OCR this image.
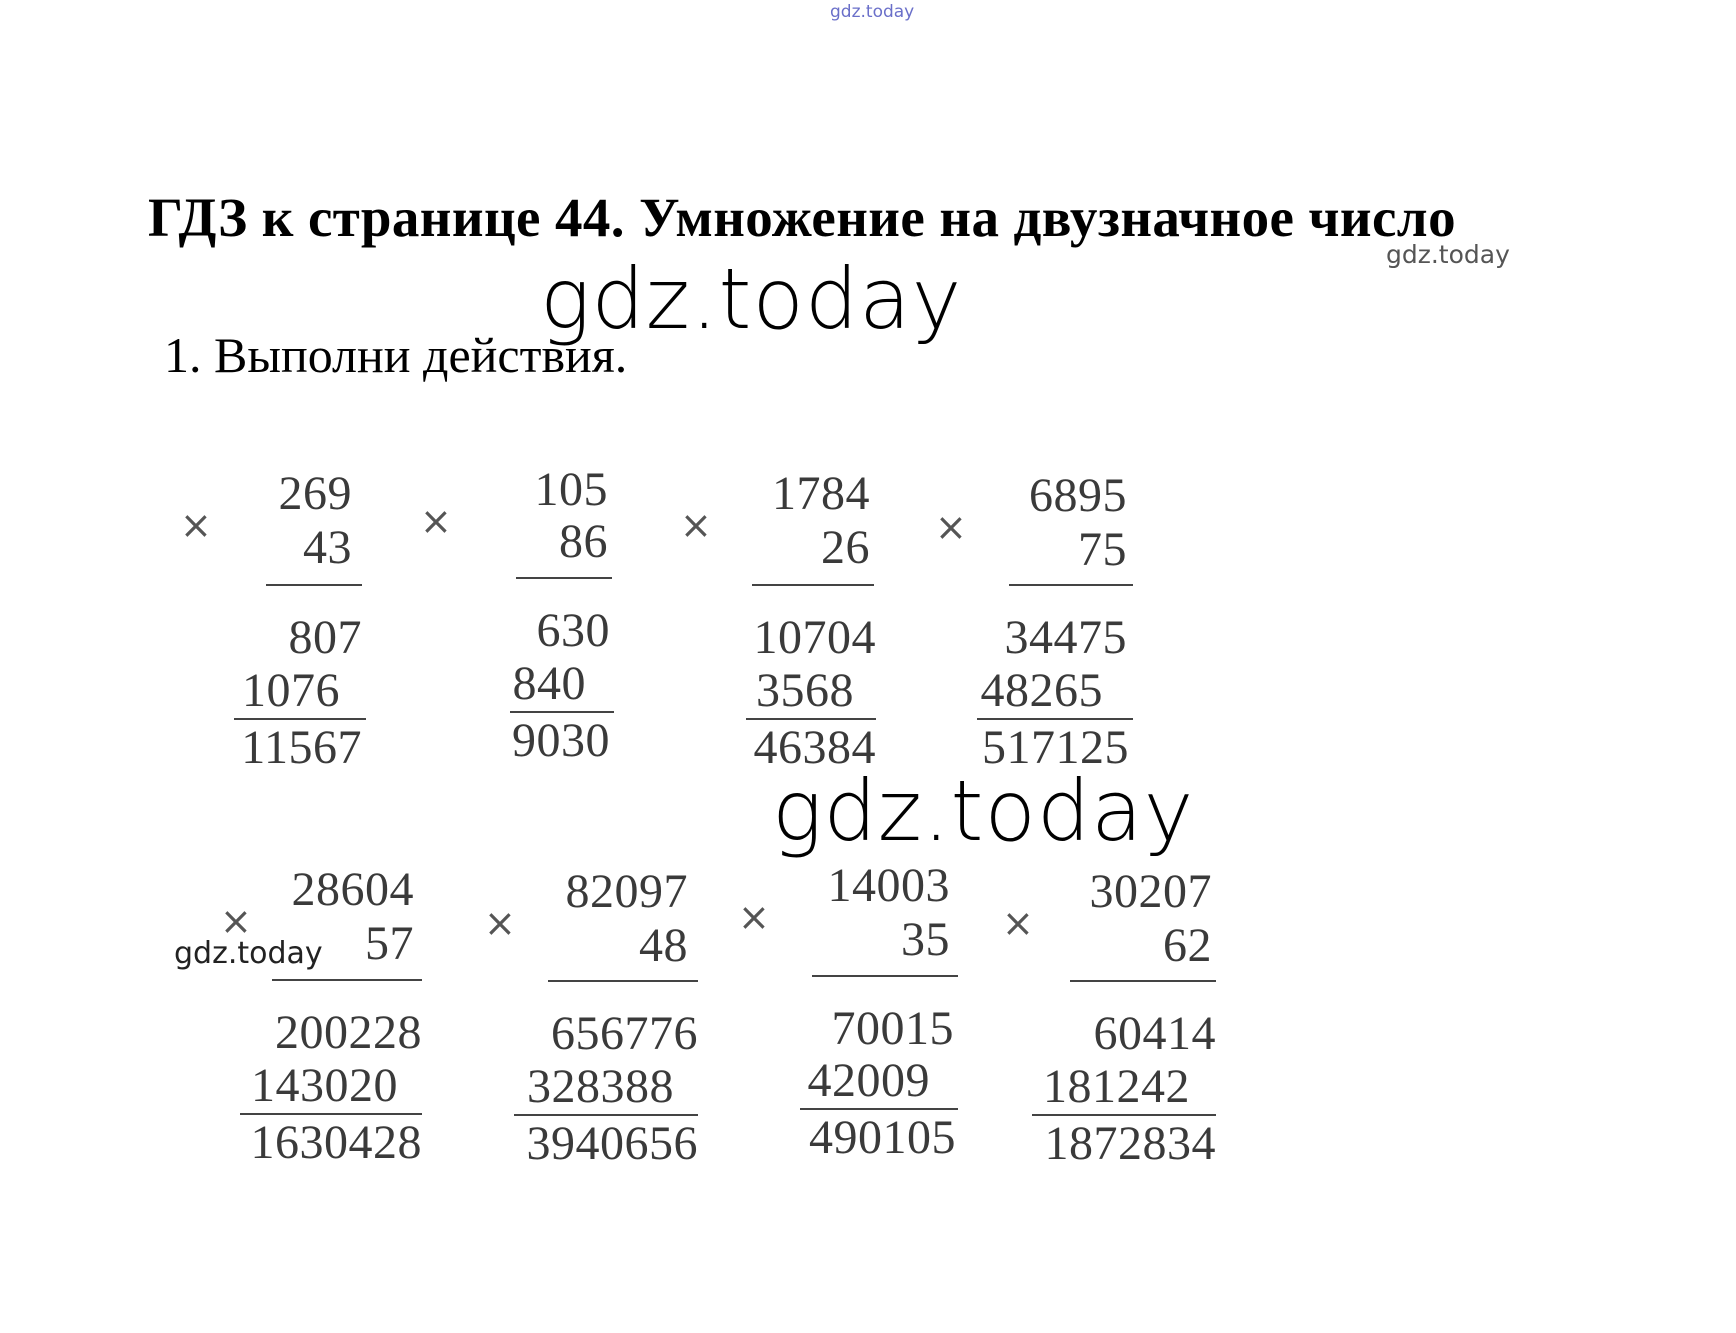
gdz.today
ГДЗ к странице 44. Умножение на двузначное число
gdz.today
gdz.today
1. Выполни действия.
×
269
43
807
1076
11567
×
105
86
630
840
9030
×
1784
26
10704
3568
46384
×
6895
75
34475
48265
517125
gdz.today
×
28604
57
200228
143020
1630428
gdz.today
×
82097
48
656776
328388
3940656
×
14003
35
70015
42009
490105
×
30207
62
60414
181242
1872834
